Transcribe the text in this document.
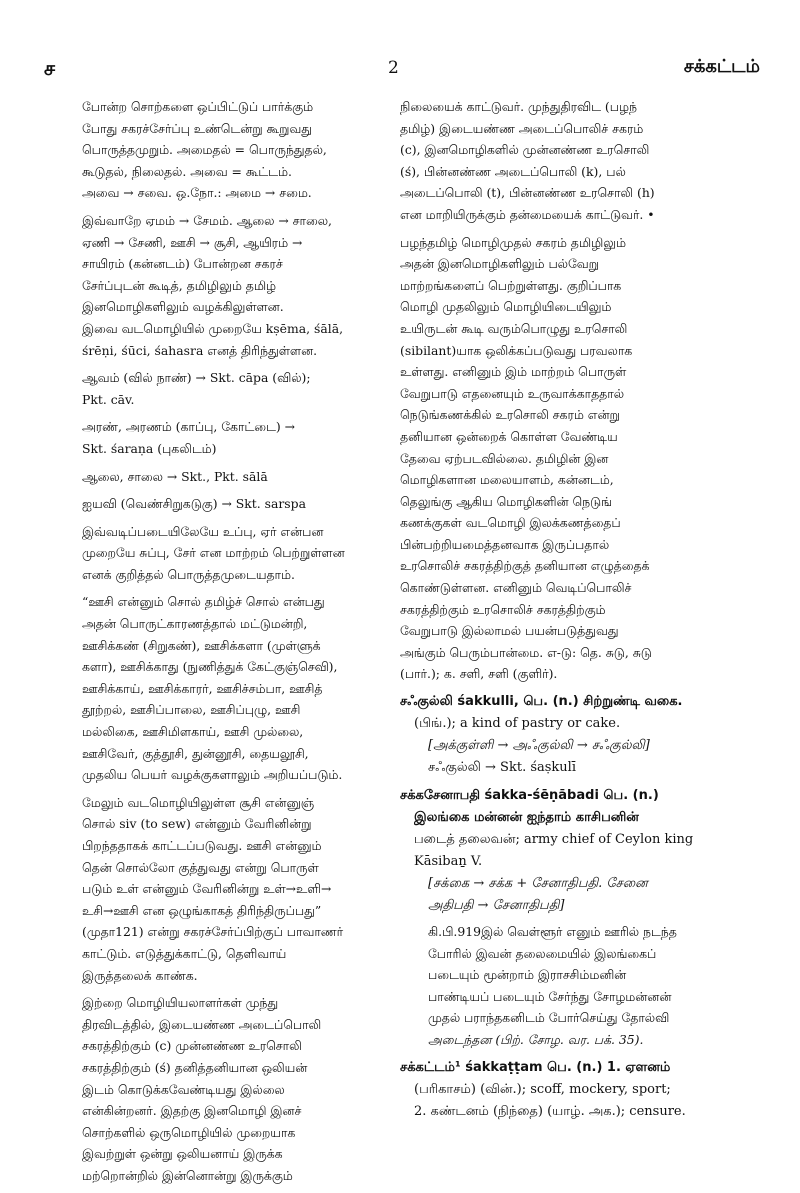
ச	2	சக்கட்டம்
போன்ற சொற்களை ஒப்பிட்டுப் பார்க்கும்
போது சகரச்சேர்ப்பு உண்டென்று கூறுவது
பொருத்தமுறும். அமைதல் = பொருந்துதல்,
கூடுதல், நிலைதல். அவை = கூட்டம்.
அவை → சவை. ஒ.நோ.: அமை → சமை.
இவ்வாறே ஏமம் → சேமம். ஆலை → சாலை,
ஏணி → சேணி, ஊசி → சூசி, ஆயிரம் →
சாயிரம் (கன்னடம்) போன்றன சகரச்
சேர்ப்புடன் கூடித், தமிழிலும் தமிழ்
இனமொழிகளிலும் வழக்கிலுள்ளன.
இவை வடமொழியில் முறையே kṣēma, śālā,
śrēṇi, śūci, śahasra எனத் திரிந்துள்ளன.
ஆவம் (வில் நாண்) → Skt. cāpa (வில்);
Pkt. cāv.
அரண், அரணம் (காப்பு, கோட்டை) →
Skt. śaraṇa (புகலிடம்)
ஆலை, சாலை → Skt., Pkt. sālā
ஐயவி (வெண்சிறுகடுகு) → Skt. sarspa
இவ்வடிப்படையிலேயே உப்பு, ஏர் என்பன
முறையே சுப்பு, சேர் என மாற்றம் பெற்றுள்ளன
எனக் குறித்தல் பொருத்தமுடையதாம்.
“ஊசி என்னும் சொல் தமிழ்ச் சொல் என்பது
அதன் பொருட்காரணத்தால் மட்டுமன்றி,
ஊசிக்கண் (சிறுகண்), ஊசிக்களா (முள்ளுக்
களா), ஊசிக்காது (நுணித்துக் கேட்குஞ்செவி),
ஊசிக்காய், ஊசிக்காரர், ஊசிச்சம்பா, ஊசித்
தூற்றல், ஊசிப்பாலை, ஊசிப்புழு, ஊசி
மல்லிகை, ஊசிமிளகாய், ஊசி முல்லை,
ஊசிவேர், குத்தூசி, துன்னூசி, தையலூசி,
முதலிய பெயர் வழக்குகளாலும் அறியப்படும்.
மேலும் வடமொழியிலுள்ள சூசி என்னுஞ்
சொல் siv (to sew) என்னும் வேரினின்று
பிறந்ததாகக் காட்டப்படுவது. ஊசி என்னும்
தென் சொல்லோ குத்துவது என்று பொருள்
படும் உள் என்னும் வேரினின்று உள்→உளி→
உசி→ஊசி என ஒழுங்காகத் திரிந்திருப்பது”
(முதா121) என்று சகரச்சேர்ப்பிற்குப் பாவாணர்
காட்டும். எடுத்துக்காட்டு, தெளிவாய்
இருத்தலைக் காண்க.
இற்றை மொழியியலாளர்கள் முந்து
திரவிடத்தில், இடையண்ண அடைப்பொலி
சகரத்திற்கும் (c) முன்னண்ண உரசொலி
சகரத்திற்கும் (ś) தனித்தனியான ஒலியன்
இடம் கொடுக்கவேண்டியது இல்லை
என்கின்றனர். இதற்கு இனமொழி இனச்
சொற்களில் ஒருமொழியில் முறையாக
இவற்றுள் ஒன்று ஒலியனாய் இருக்க
மற்றொன்றில் இன்னொன்று இருக்கும்
நிலையைக் காட்டுவர். முந்துதிரவிட (பழந்
தமிழ்) இடையண்ண அடைப்பொலிச் சகரம்
(c), இனமொழிகளில் முன்னண்ண உரசொலி
(ś), பின்னண்ண அடைப்பொலி (k), பல்
அடைப்பொலி (t), பின்னண்ண உரசொலி (h)
என மாறியிருக்கும் தன்மையைக் காட்டுவர். •
பழந்தமிழ் மொழிமுதல் சகரம் தமிழிலும்
அதன் இனமொழிகளிலும் பல்வேறு
மாற்றங்களைப் பெற்றுள்ளது. குறிப்பாக
மொழி முதலிலும் மொழியிடையிலும்
உயிருடன் கூடி வரும்பொழுது உரசொலி
(sibilant)யாக ஒலிக்கப்படுவது பரவலாக
உள்ளது. எனினும் இம் மாற்றம் பொருள்
வேறுபாடு எதனையும் உருவாக்காததால்
நெடுங்கணக்கில் உரசொலி சகரம் என்று
தனியான ஒன்றைக் கொள்ள வேண்டிய
தேவை ஏற்படவில்லை. தமிழின் இன
மொழிகளான மலையாளம், கன்னடம்,
தெலுங்கு ஆகிய மொழிகளின் நெடுங்
கணக்குகள் வடமொழி இலக்கணத்தைப்
பின்பற்றியமைத்தனவாக இருப்பதால்
உரசொலிச் சகரத்திற்குத் தனியான எழுத்தைக்
கொண்டுள்ளன. எனினும் வெடிப்பொலிச்
சகரத்திற்கும் உரசொலிச் சகரத்திற்கும்
வேறுபாடு இல்லாமல் பயன்படுத்துவது
அங்கும் பெரும்பான்மை. எ-டு: தெ. சுடு, சுடு
(பார்.); க. சளி, சளி (குளிர்).
சஃகுல்லி śakkulli, பெ. (n.) சிற்றுண்டி வகை.
(பிங்.); a kind of pastry or cake.
[அக்குள்ளி → அஃகுல்லி → சஃகுல்லி]
சஃகுல்லி → Skt. śaṣkulī
சக்கசேனாபதி śakka-śēṇābadi பெ. (n.)
இலங்கை மன்னன் ஐந்தாம் காசிபனின்
படைத் தலைவன்; army chief of Ceylon king
Kāsibaṉ V.
[சக்கை → சக்க + சேனாதிபதி. சேனை
அதிபதி → சேனாதிபதி]
கி.பி.919இல் வெள்ளூர் எனும் ஊரில் நடந்த
போரில் இவன் தலைமையில் இலங்கைப்
படையும் மூன்றாம் இராசசிம்மனின்
பாண்டியப் படையும் சேர்ந்து சோழமன்னன்
முதல் பராந்தகனிடம் போர்செய்து தோல்வி
அடைந்தன (பிற். சோழ. வர. பக். 35).
சக்கட்டம்¹ śakkaṭṭam பெ. (n.) 1. ஏளனம்
(பரிகாசம்) (வின்.); scoff, mockery, sport;
2. கண்டனம் (நிந்தை) (யாழ். அக.); censure.
